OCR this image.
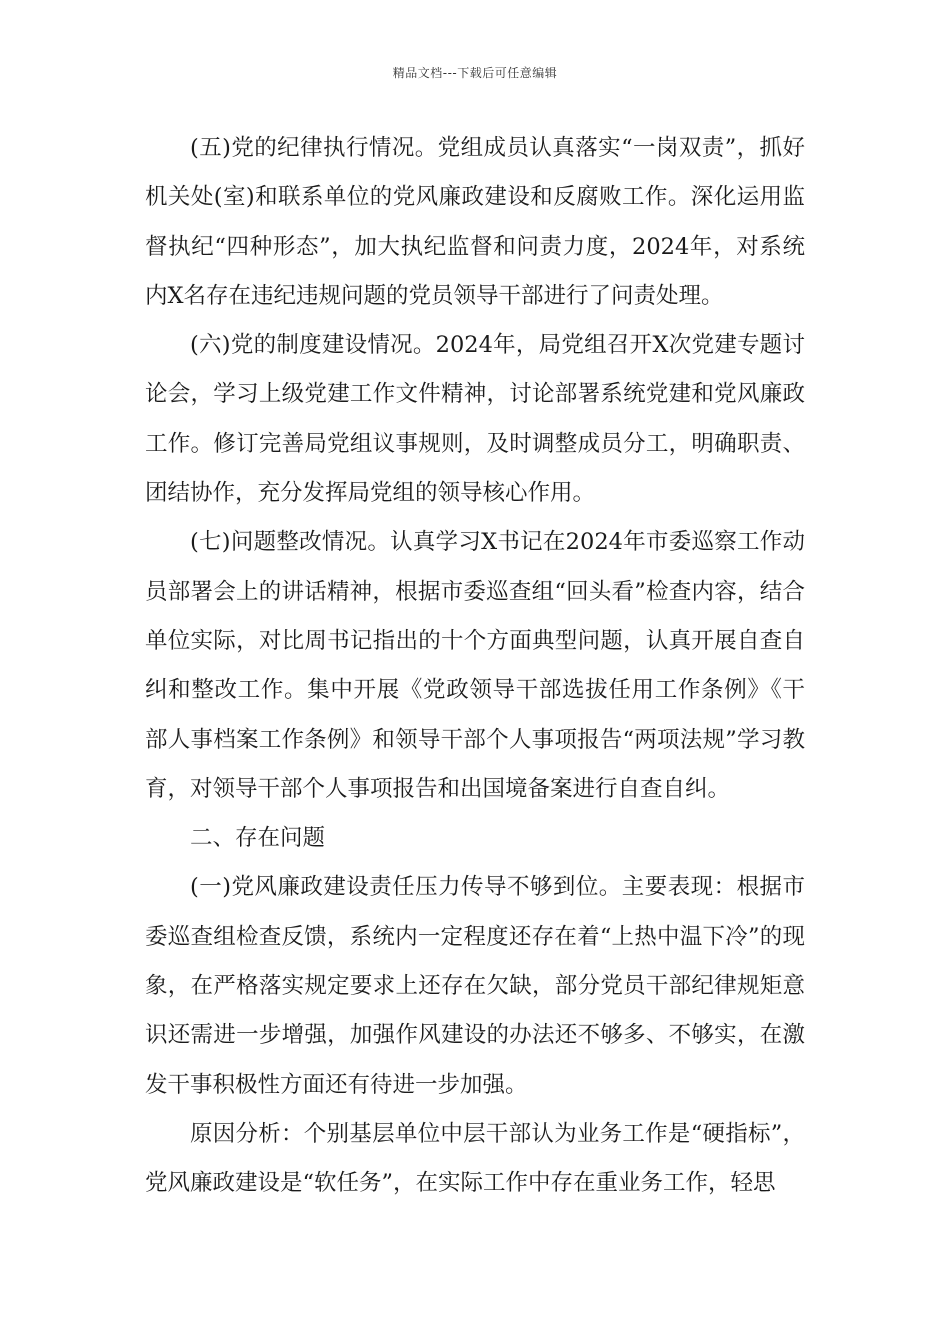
精品文档---下载后可任意编辑

(五)党的纪律执行情况。党组成员认真落实“一岗双责”，抓好机关处(室)和联系单位的党风廉政建设和反腐败工作。深化运用监督执纪“四种形态”，加大执纪监督和问责力度，2024年，对系统内X名存在违纪违规问题的党员领导干部进行了问责处理。

(六)党的制度建设情况。2024年，局党组召开X次党建专题讨论会，学习上级党建工作文件精神，讨论部署系统党建和党风廉政工作。修订完善局党组议事规则，及时调整成员分工，明确职责、团结协作，充分发挥局党组的领导核心作用。

(七)问题整改情况。认真学习X书记在2024年市委巡察工作动员部署会上的讲话精神，根据市委巡查组“回头看”检查内容，结合单位实际，对比周书记指出的十个方面典型问题，认真开展自查自纠和整改工作。集中开展《党政领导干部选拔任用工作条例》《干部人事档案工作条例》和领导干部个人事项报告“两项法规”学习教育，对领导干部个人事项报告和出国境备案进行自查自纠。

二、存在问题

(一)党风廉政建设责任压力传导不够到位。主要表现：根据市委巡查组检查反馈，系统内一定程度还存在着“上热中温下冷”的现象，在严格落实规定要求上还存在欠缺，部分党员干部纪律规矩意识还需进一步增强，加强作风建设的办法还不够多、不够实，在激发干事积极性方面还有待进一步加强。

原因分析：个别基层单位中层干部认为业务工作是“硬指标”，党风廉政建设是“软任务”，在实际工作中存在重业务工作，轻思
